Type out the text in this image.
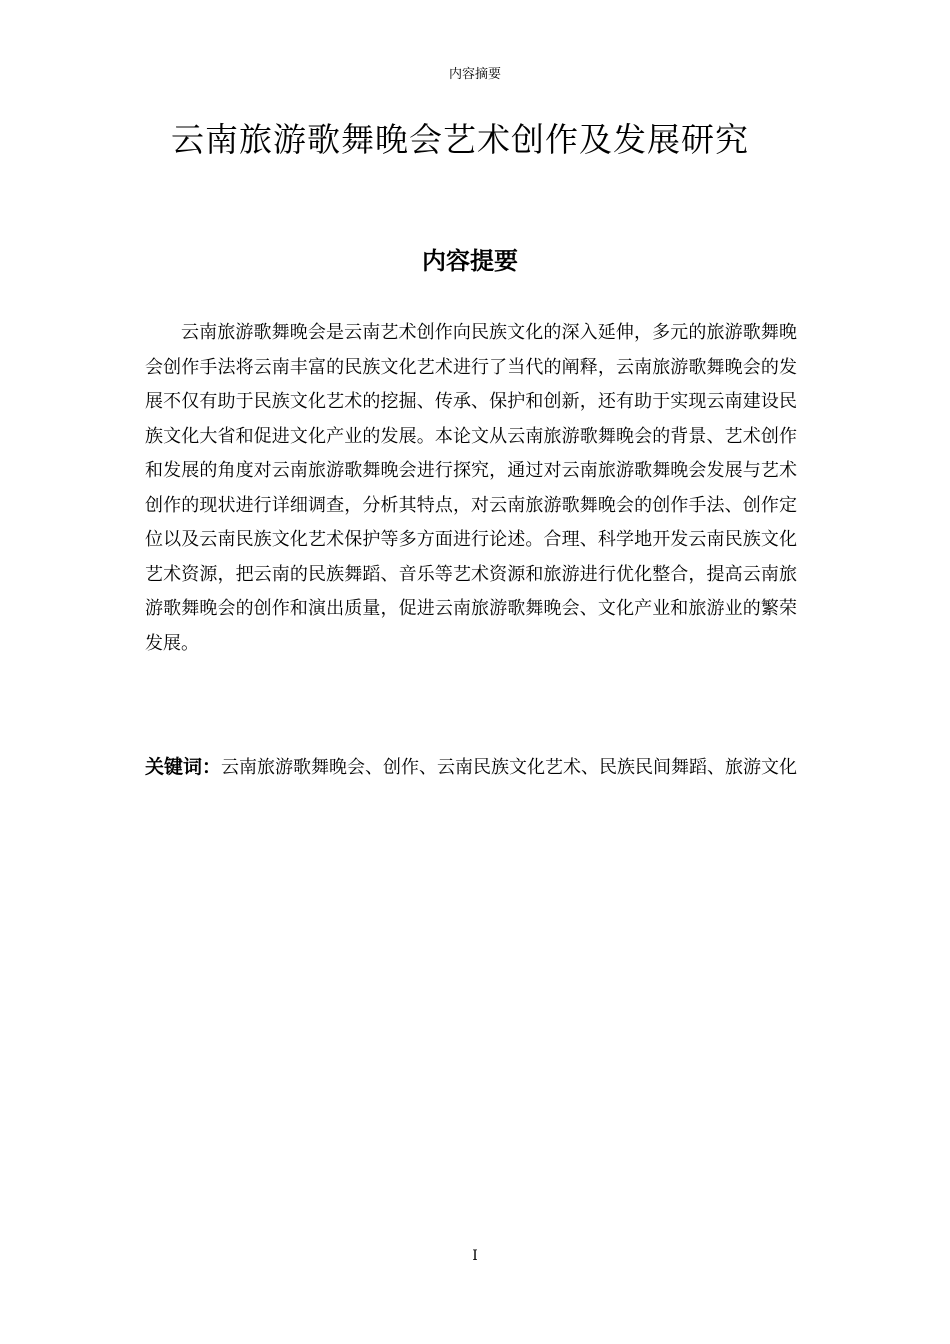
内容摘要
云南旅游歌舞晚会艺术创作及发展研究
内容提要

云南旅游歌舞晚会是云南艺术创作向民族文化的深入延伸，多元的旅游歌舞晚会创作手法将云南丰富的民族文化艺术进行了当代的阐释，云南旅游歌舞晚会的发展不仅有助于民族文化艺术的挖掘、传承、保护和创新，还有助于实现云南建设民族文化大省和促进文化产业的发展。本论文从云南旅游歌舞晚会的背景、艺术创作和发展的角度对云南旅游歌舞晚会进行探究，通过对云南旅游歌舞晚会发展与艺术创作的现状进行详细调查，分析其特点，对云南旅游歌舞晚会的创作手法、创作定位以及云南民族文化艺术保护等多方面进行论述。合理、科学地开发云南民族文化艺术资源，把云南的民族舞蹈、音乐等艺术资源和旅游进行优化整合，提高云南旅游歌舞晚会的创作和演出质量，促进云南旅游歌舞晚会、文化产业和旅游业的繁荣发展。

关键词：云南旅游歌舞晚会、创作、云南民族文化艺术、民族民间舞蹈、旅游文化

I
